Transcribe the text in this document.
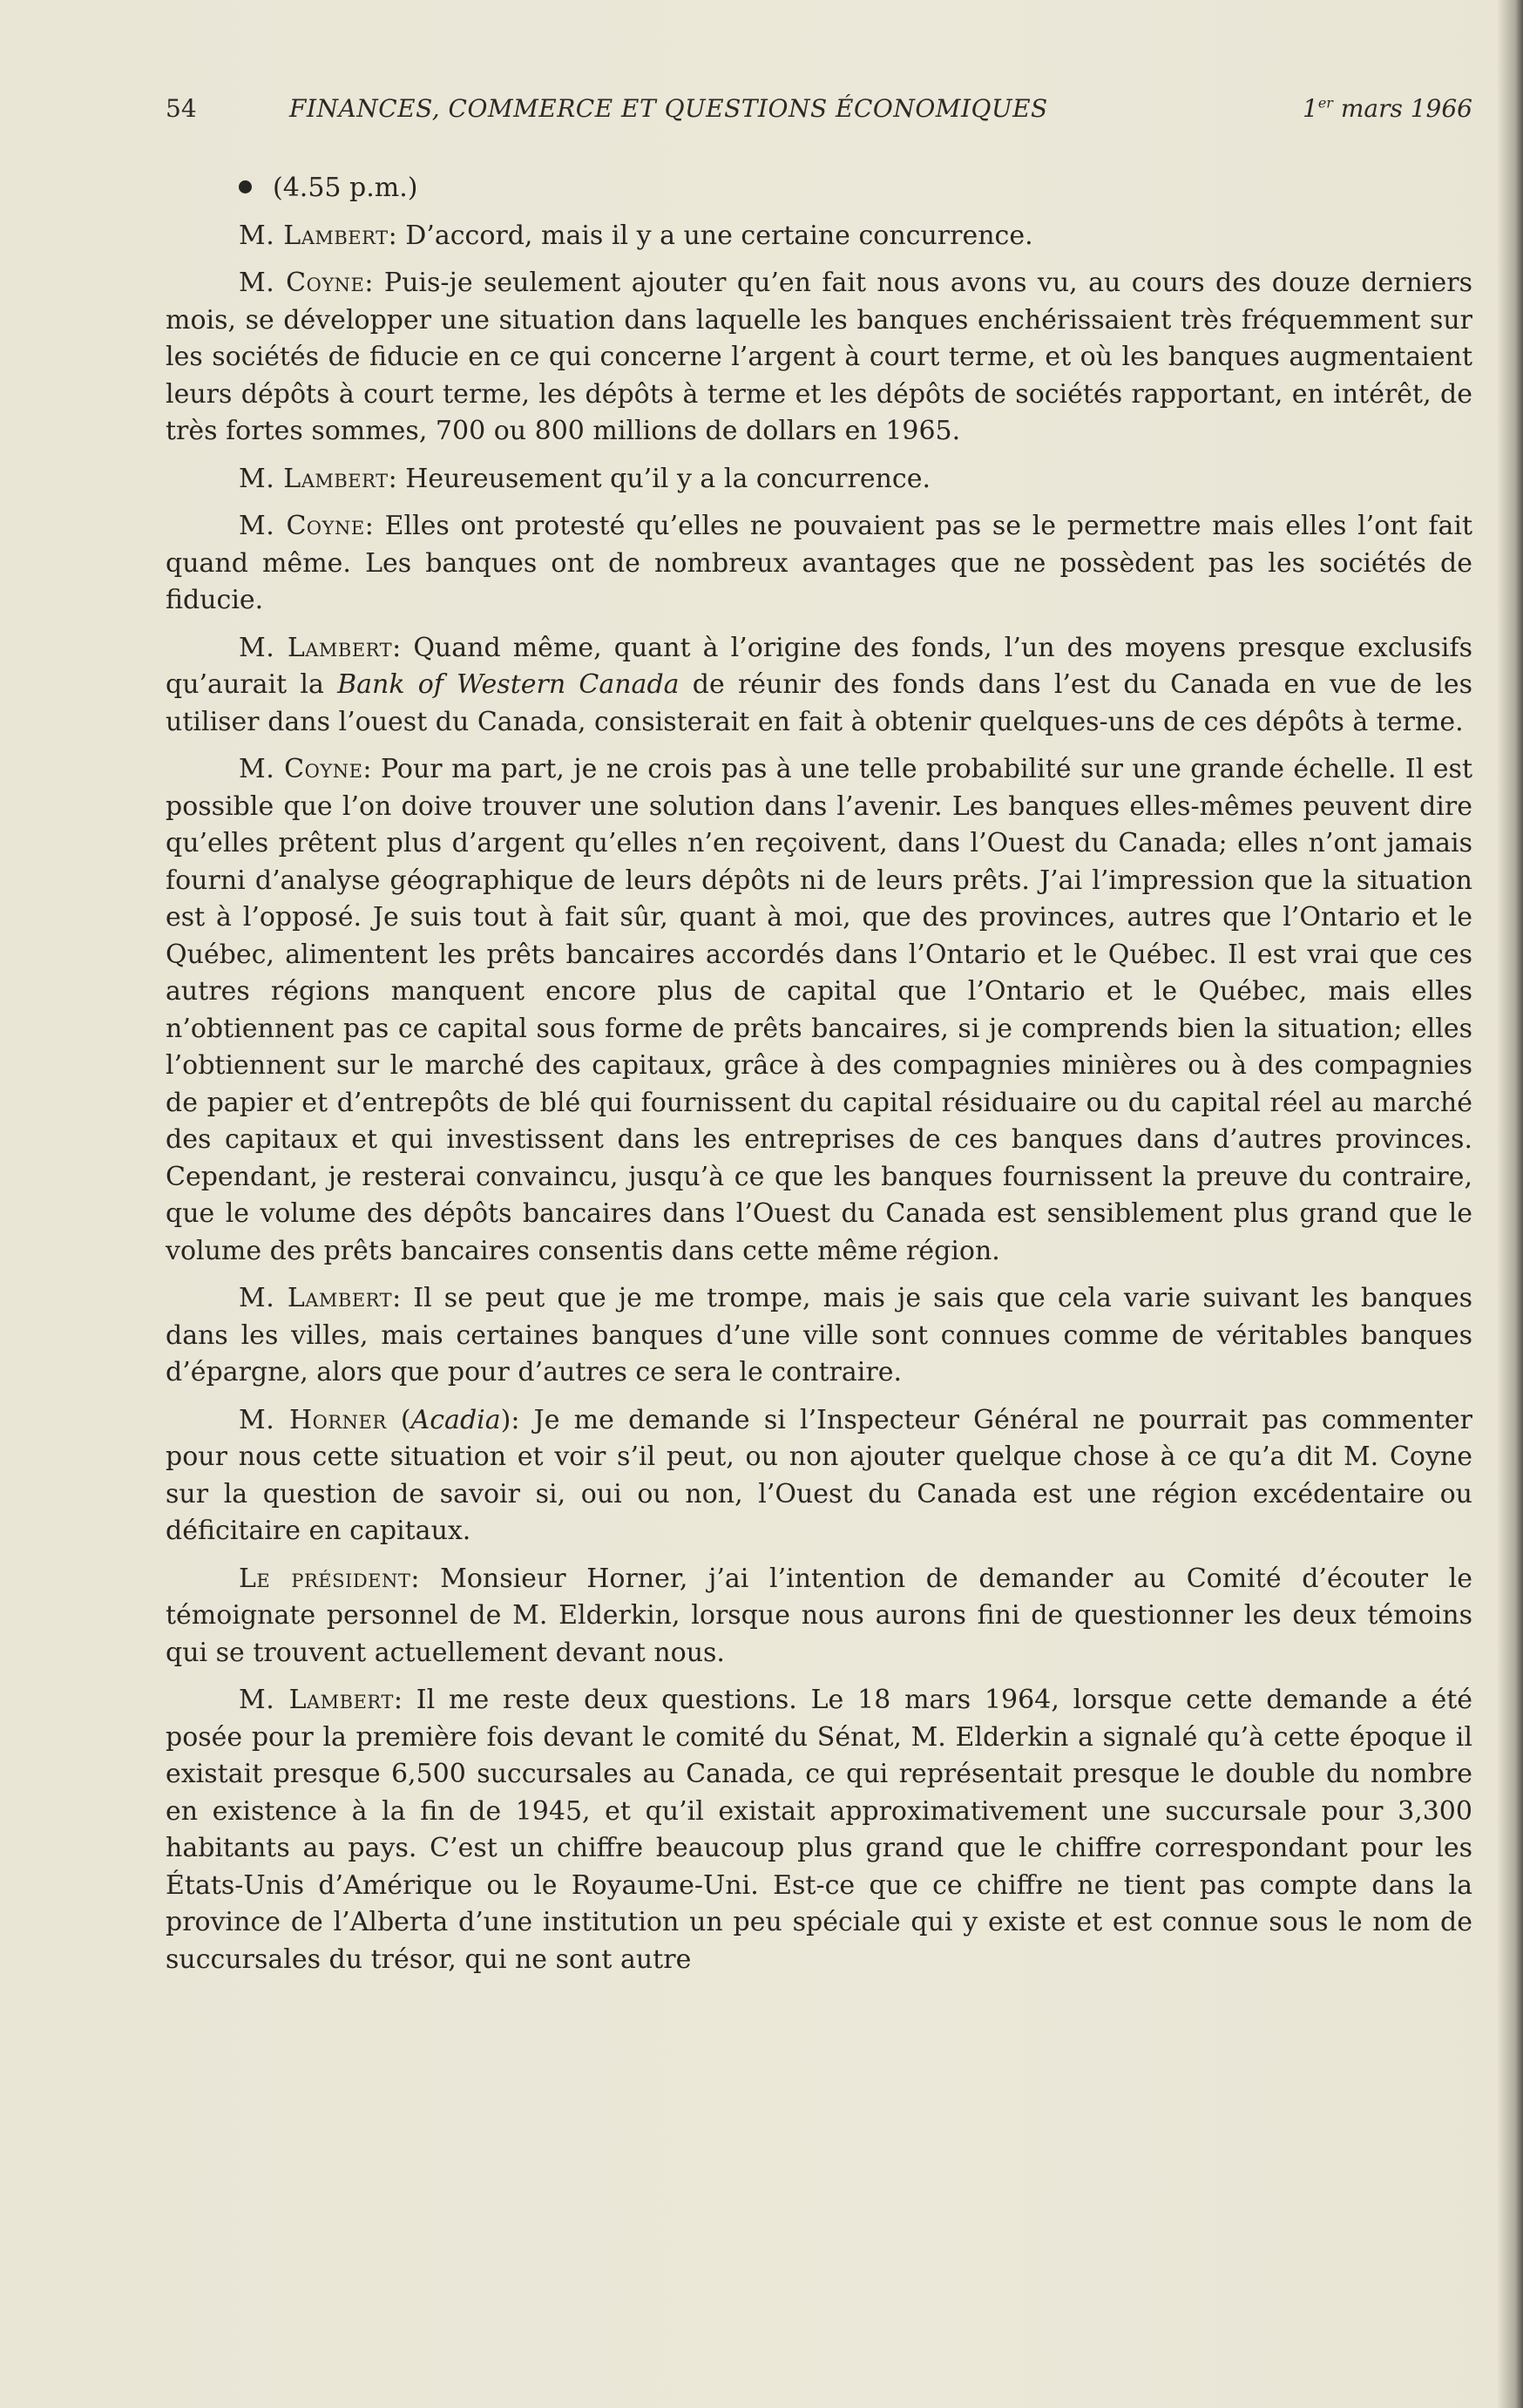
54	FINANCES, COMMERCE ET QUESTIONS ÉCONOMIQUES	1er mars 1966

(4.55 p.m.)

M. Lambert: D’accord, mais il y a une certaine concurrence.

M. Coyne: Puis-je seulement ajouter qu’en fait nous avons vu, au cours des douze derniers mois, se développer une situation dans laquelle les banques enchérissaient très fréquemment sur les sociétés de fiducie en ce qui concerne l’argent à court terme, et où les banques augmentaient leurs dépôts à court terme, les dépôts à terme et les dépôts de sociétés rapportant, en intérêt, de très fortes sommes, 700 ou 800 millions de dollars en 1965.

M. Lambert: Heureusement qu’il y a la concurrence.

M. Coyne: Elles ont protesté qu’elles ne pouvaient pas se le permettre mais elles l’ont fait quand même. Les banques ont de nombreux avantages que ne possèdent pas les sociétés de fiducie.

M. Lambert: Quand même, quant à l’origine des fonds, l’un des moyens presque exclusifs qu’aurait la Bank of Western Canada de réunir des fonds dans l’est du Canada en vue de les utiliser dans l’ouest du Canada, consisterait en fait à obtenir quelques-uns de ces dépôts à terme.

M. Coyne: Pour ma part, je ne crois pas à une telle probabilité sur une grande échelle. Il est possible que l’on doive trouver une solution dans l’avenir. Les banques elles-mêmes peuvent dire qu’elles prêtent plus d’argent qu’elles n’en reçoivent, dans l’Ouest du Canada; elles n’ont jamais fourni d’analyse géographique de leurs dépôts ni de leurs prêts. J’ai l’impression que la situation est à l’opposé. Je suis tout à fait sûr, quant à moi, que des provinces, autres que l’Ontario et le Québec, alimentent les prêts bancaires accordés dans l’Ontario et le Québec. Il est vrai que ces autres régions manquent encore plus de capital que l’Ontario et le Québec, mais elles n’obtiennent pas ce capital sous forme de prêts bancaires, si je comprends bien la situation; elles l’obtiennent sur le marché des capitaux, grâce à des compagnies minières ou à des compagnies de papier et d’entrepôts de blé qui fournissent du capital résiduaire ou du capital réel au marché des capitaux et qui investissent dans les entreprises de ces banques dans d’autres provinces. Cependant, je resterai convaincu, jusqu’à ce que les banques fournissent la preuve du contraire, que le volume des dépôts bancaires dans l’Ouest du Canada est sensiblement plus grand que le volume des prêts bancaires consentis dans cette même région.

M. Lambert: Il se peut que je me trompe, mais je sais que cela varie suivant les banques dans les villes, mais certaines banques d’une ville sont connues comme de véritables banques d’épargne, alors que pour d’autres ce sera le contraire.

M. Horner (Acadia): Je me demande si l’Inspecteur Général ne pourrait pas commenter pour nous cette situation et voir s’il peut, ou non ajouter quelque chose à ce qu’a dit M. Coyne sur la question de savoir si, oui ou non, l’Ouest du Canada est une région excédentaire ou déficitaire en capitaux.

Le président: Monsieur Horner, j’ai l’intention de demander au Comité d’écouter le témoignate personnel de M. Elderkin, lorsque nous aurons fini de questionner les deux témoins qui se trouvent actuellement devant nous.

M. Lambert: Il me reste deux questions. Le 18 mars 1964, lorsque cette demande a été posée pour la première fois devant le comité du Sénat, M. Elderkin a signalé qu’à cette époque il existait presque 6,500 succursales au Canada, ce qui représentait presque le double du nombre en existence à la fin de 1945, et qu’il existait approximativement une succursale pour 3,300 habitants au pays. C’est un chiffre beaucoup plus grand que le chiffre correspondant pour les États-Unis d’Amérique ou le Royaume-Uni. Est-ce que ce chiffre ne tient pas compte dans la province de l’Alberta d’une institution un peu spéciale qui y existe et est connue sous le nom de succursales du trésor, qui ne sont autre
